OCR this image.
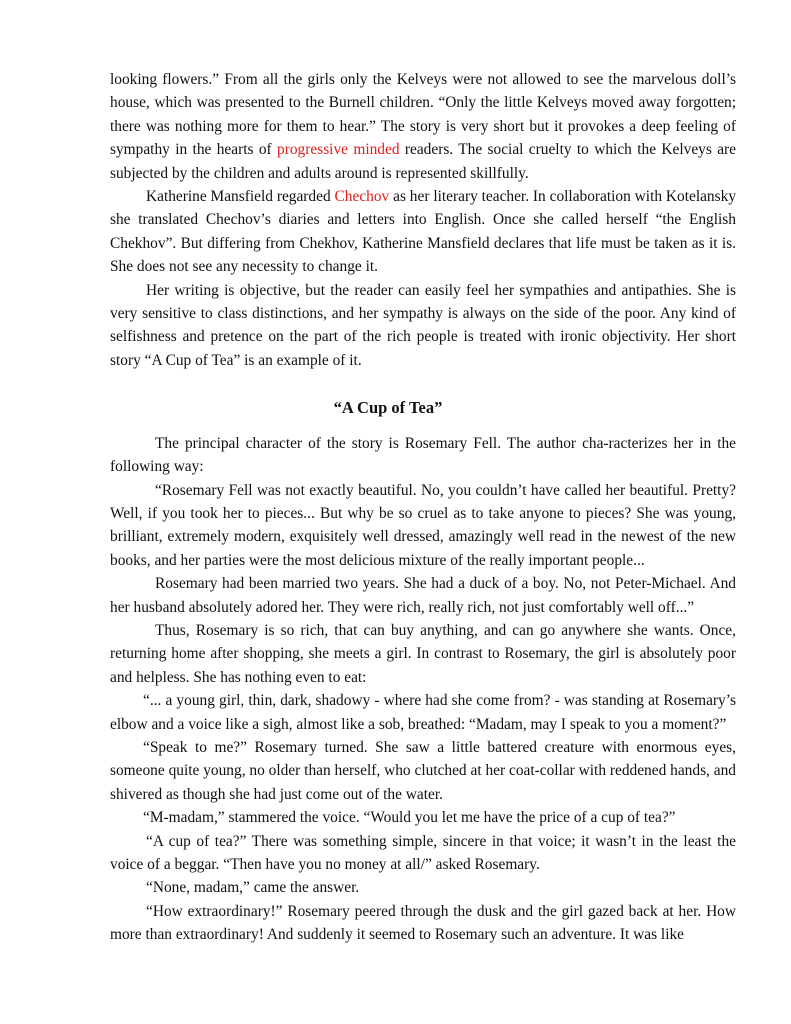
looking flowers.” From all the girls only the Kelveys were not allowed to see the marvelous doll’s house, which was presented to the Burnell children. “Only the little Kelveys moved away forgotten; there was nothing more for them to hear.” The story is very short but it provokes a deep feeling of sympathy in the hearts of progressive minded readers. The social cruelty to which the Kelveys are subjected by the children and adults around is represented skillfully.

Katherine Mansfield regarded Chechov as her literary teacher. In collaboration with Kotelansky she translated Chechov’s diaries and letters into English. Once she called herself “the English Chekhov”. But differing from Chekhov, Katherine Mansfield declares that life must be taken as it is. She does not see any necessity to change it.

Her writing is objective, but the reader can easily feel her sympathies and antipathies. She is very sensitive to class distinctions, and her sympathy is always on the side of the poor. Any kind of selfishness and pretence on the part of the rich people is treated with ironic objectivity. Her short story “A Cup of Tea” is an example of it.

“A Cup of Tea”

The principal character of the story is Rosemary Fell. The author cha-racterizes her in the following way:

“Rosemary Fell was not exactly beautiful. No, you couldn’t have called her beautiful. Pretty? Well, if you took her to pieces... But why be so cruel as to take anyone to pieces? She was young, brilliant, extremely modern, exquisitely well dressed, amazingly well read in the newest of the new books, and her parties were the most delicious mixture of the really important people...

Rosemary had been married two years. She had a duck of a boy. No, not Peter-Michael. And her husband absolutely adored her. They were rich, really rich, not just comfortably well off...”

Thus, Rosemary is so rich, that can buy anything, and can go anywhere she wants. Once, returning home after shopping, she meets a girl. In contrast to Rosemary, the girl is absolutely poor and helpless. She has nothing even to eat:

“... a young girl, thin, dark, shadowy - where had she come from? - was standing at Rosemary’s elbow and a voice like a sigh, almost like a sob, breathed: “Madam, may I speak to you a moment?”

“Speak to me?” Rosemary turned. She saw a little battered creature with enormous eyes, someone quite young, no older than herself, who clutched at her coat-collar with reddened hands, and shivered as though she had just come out of the water.

“M-madam,” stammered the voice. “Would you let me have the price of a cup of tea?”

“A cup of tea?” There was something simple, sincere in that voice; it wasn’t in the least the voice of a beggar. “Then have you no money at all/” asked Rosemary.

“None, madam,” came the answer.

“How extraordinary!” Rosemary peered through the dusk and the girl gazed back at her. How more than extraordinary! And suddenly it seemed to Rosemary such an adventure. It was like
